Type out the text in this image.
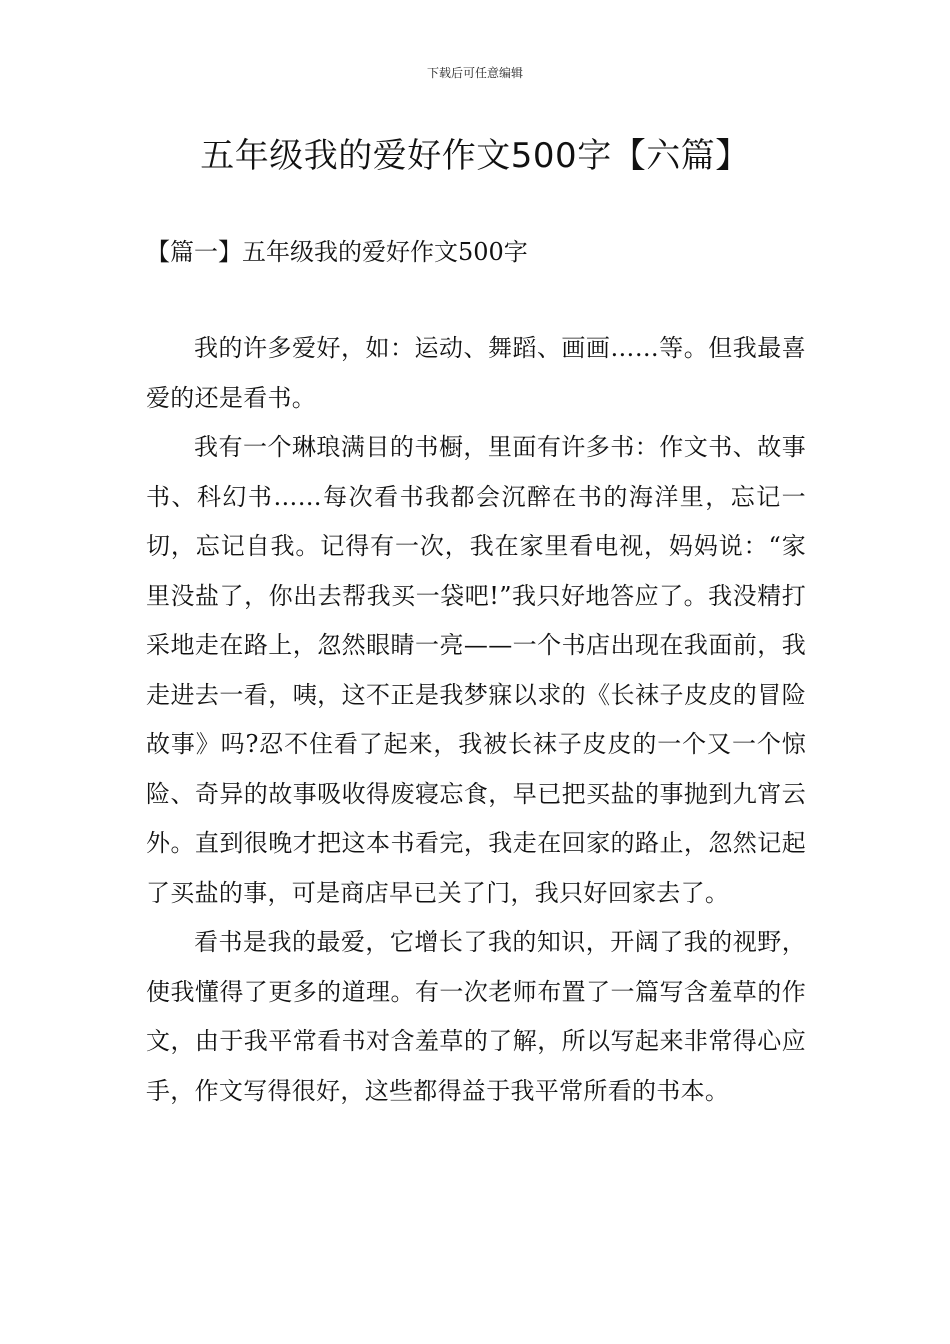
下载后可任意编辑
五年级我的爱好作文500字【六篇】
【篇一】五年级我的爱好作文500字

我的许多爱好，如：运动、舞蹈、画画……等。但我最喜爱的还是看书。

我有一个琳琅满目的书橱，里面有许多书：作文书、故事书、科幻书……每次看书我都会沉醉在书的海洋里，忘记一切，忘记自我。记得有一次，我在家里看电视，妈妈说：“家里没盐了，你出去帮我买一袋吧!”我只好地答应了。我没精打采地走在路上，忽然眼睛一亮——一个书店出现在我面前，我走进去一看，咦，这不正是我梦寐以求的《长袜子皮皮的冒险故事》吗?忍不住看了起来，我被长袜子皮皮的一个又一个惊险、奇异的故事吸收得废寝忘食，早已把买盐的事抛到九宵云外。直到很晚才把这本书看完，我走在回家的路止，忽然记起了买盐的事，可是商店早已关了门，我只好回家去了。

看书是我的最爱，它增长了我的知识，开阔了我的视野，使我懂得了更多的道理。有一次老师布置了一篇写含羞草的作文，由于我平常看书对含羞草的了解，所以写起来非常得心应手，作文写得很好，这些都得益于我平常所看的书本。
